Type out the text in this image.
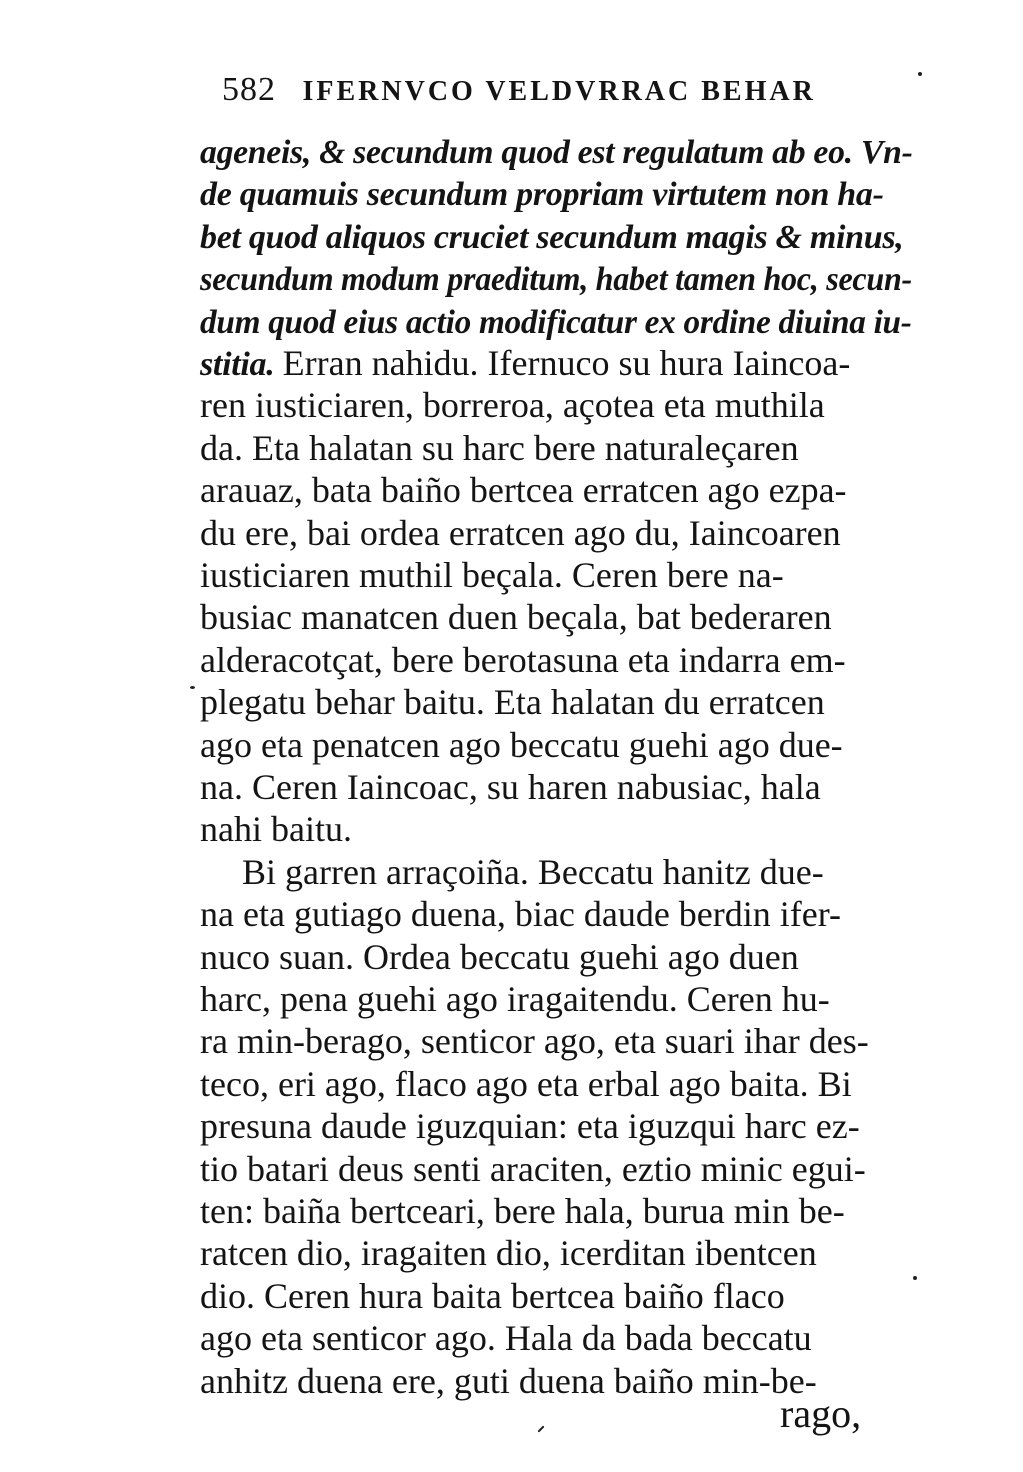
582 IFERNVCO VELDVRRAC BEHAR
ageneis, & secundum quod est regulatum ab eo. Vn-
de quamuis secundum propriam virtutem non ha-
bet quod aliquos cruciet secundum magis & minus,
secundum modum praeditum, habet tamen hoc, secun-
dum quod eius actio modificatur ex ordine diuina iu-
stitia. Erran nahidu. Ifernuco su hura Iaincoa-
ren iusticiaren, borreroa, açotea eta muthila
da. Eta halatan su harc bere naturaleçaren
arauaz, bata baiño bertcea erratcen ago ezpa-
du ere, bai ordea erratcen ago du, Iaincoaren
iusticiaren muthil beçala. Ceren bere na-
busiac manatcen duen beçala, bat bederaren
alderacotçat, bere berotasuna eta indarra em-
plegatu behar baitu. Eta halatan du erratcen
ago eta penatcen ago beccatu guehi ago due-
na. Ceren Iaincoac, su haren nabusiac, hala
nahi baitu.
Bi garren arraçoiña. Beccatu hanitz due-
na eta gutiago duena, biac daude berdin ifer-
nuco suan. Ordea beccatu guehi ago duen
harc, pena guehi ago iragaitendu. Ceren hu-
ra min-berago, senticor ago, eta suari ihar des-
teco, eri ago, flaco ago eta erbal ago baita. Bi
presuna daude iguzquian: eta iguzqui harc ez-
tio batari deus senti araciten, eztio minic egui-
ten: baiña bertceari, bere hala, burua min be-
ratcen dio, iragaiten dio, icerditan ibentcen
dio. Ceren hura baita bertcea baiño flaco
ago eta senticor ago. Hala da bada beccatu
anhitz duena ere, guti duena baiño min-be-
rago,
